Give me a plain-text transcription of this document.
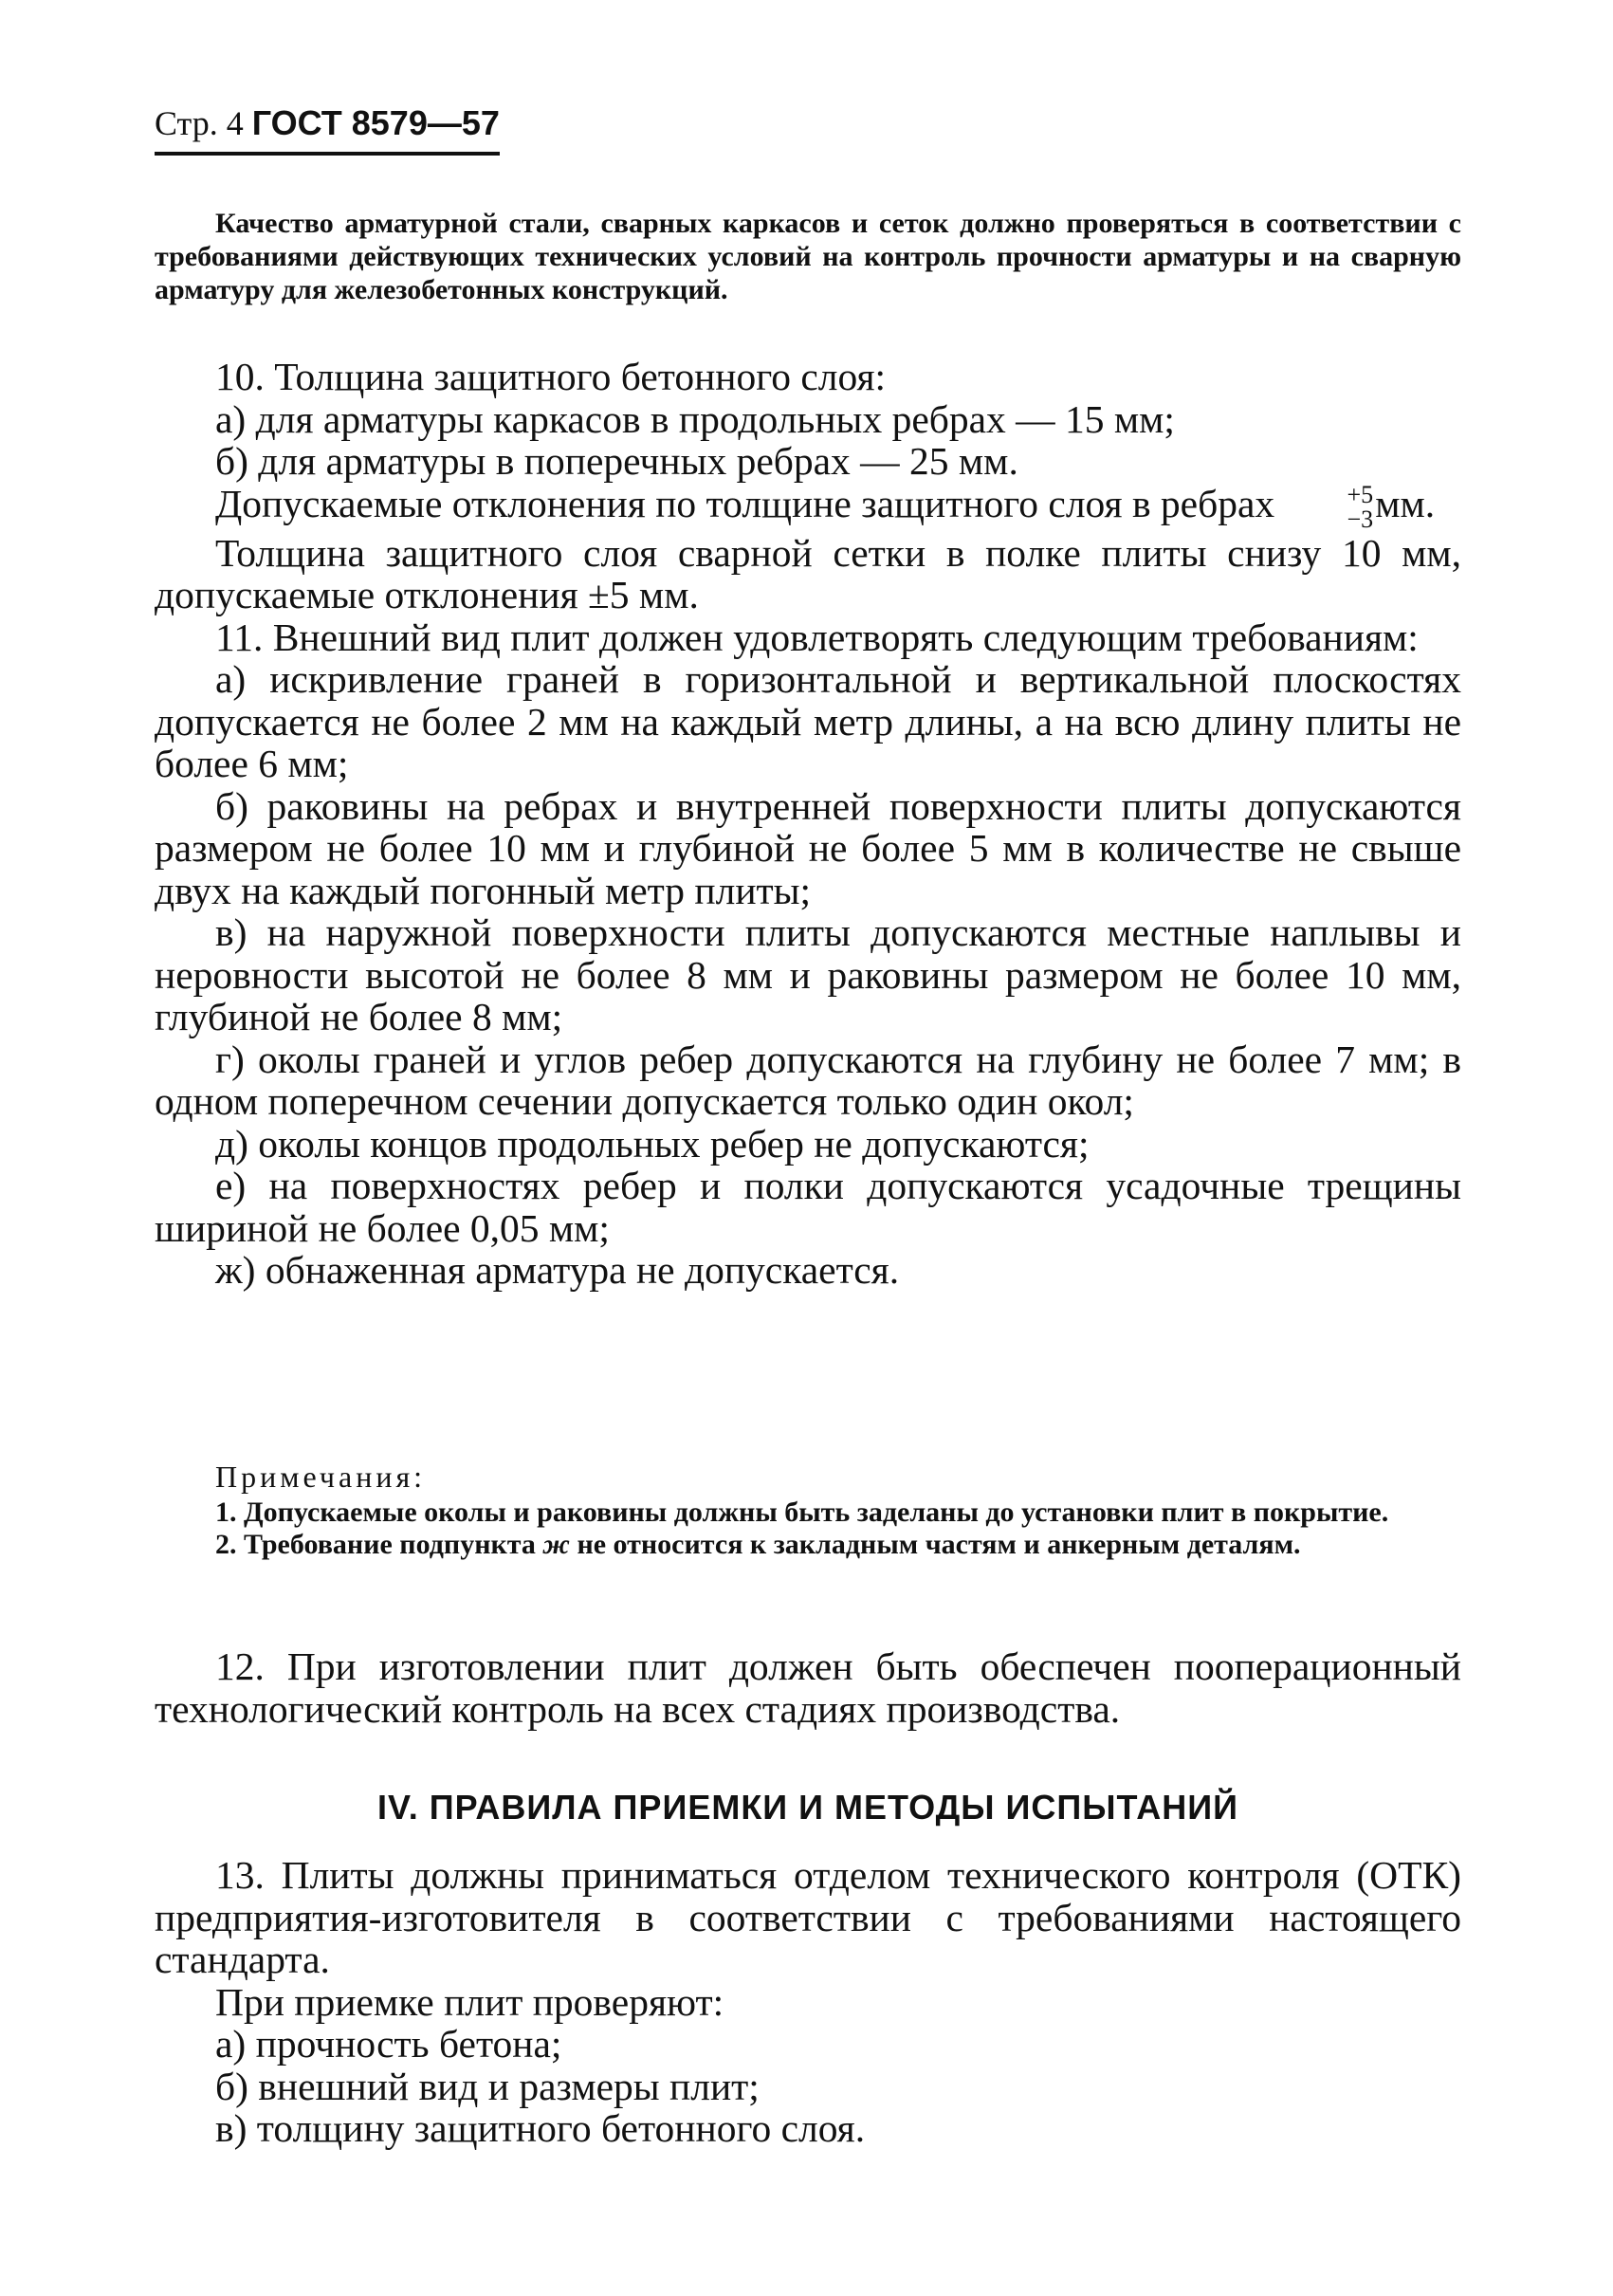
Стр. 4 ГОСТ 8579—57

Качество арматурной стали, сварных каркасов и сеток должно проверяться в соответствии с требованиями действующих технических условий на контроль прочности арматуры и на сварную арматуру для железобетонных конструкций.

10. Толщина защитного бетонного слоя:

а) для арматуры каркасов в продольных ребрах — 15 мм;

б) для арматуры в поперечных ребрах — 25 мм.

Допускаемые отклонения по толщине защитного слоя в ребрах	+5
−3 мм.

Толщина защитного слоя сварной сетки в полке плиты снизу 10 мм, допускаемые отклонения ±5 мм.

11. Внешний вид плит должен удовлетворять следующим требованиям:

а) искривление граней в горизонтальной и вертикальной плоскостях допускается не более 2 мм на каждый метр длины, а на всю длину плиты не более 6 мм;

б) раковины на ребрах и внутренней поверхности плиты допускаются размером не более 10 мм и глубиной не более 5 мм в количестве не свыше двух на каждый погонный метр плиты;

в) на наружной поверхности плиты допускаются местные наплывы и неровности высотой не более 8 мм и раковины размером не более 10 мм, глубиной не более 8 мм;

г) околы граней и углов ребер допускаются на глубину не более 7 мм; в одном поперечном сечении допускается только один окол;

д) околы концов продольных ребер не допускаются;

е) на поверхностях ребер и полки допускаются усадочные трещины шириной не более 0,05 мм;

ж) обнаженная арматура не допускается.

Примечания:

1. Допускаемые околы и раковины должны быть заделаны до установки плит в покрытие.

2. Требование подпункта ж не относится к закладным частям и анкерным деталям.

12. При изготовлении плит должен быть обеспечен пооперационный технологический контроль на всех стадиях производства.

IV. ПРАВИЛА ПРИЕМКИ И МЕТОДЫ ИСПЫТАНИЙ

13. Плиты должны приниматься отделом технического контроля (ОТК) предприятия-изготовителя в соответствии с требованиями настоящего стандарта.

При приемке плит проверяют:

а) прочность бетона;

б) внешний вид и размеры плит;

в) толщину защитного бетонного слоя.
